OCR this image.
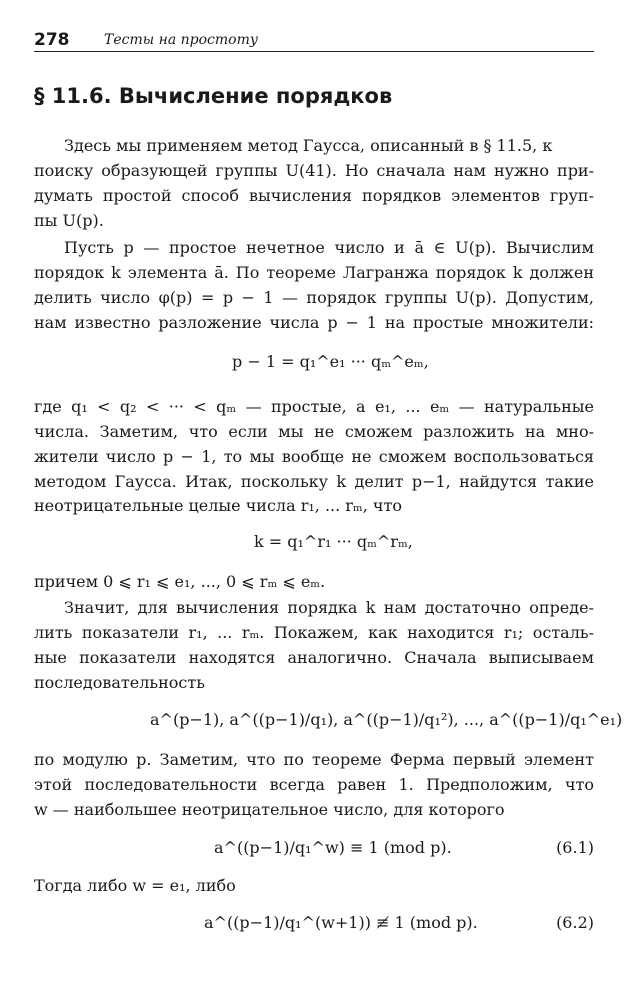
278 Тесты на простоту
§ 11.6. Вычисление порядков
Здесь мы применяем метод Гаусса, описанный в § 11.5, к
поиску образующей группы U(41). Но сначала нам нужно при-
думать простой способ вычисления порядков элементов груп-
пы U(p).
Пусть p — простое нечетное число и ā ∈ U(p). Вычислим
порядок k элемента ā. По теореме Лагранжа порядок k должен
делить число φ(p) = p − 1 — порядок группы U(p). Допустим,
нам известно разложение числа p − 1 на простые множители:
p − 1 = q₁^e₁ ··· qₘ^eₘ,
где q₁ < q₂ < ··· < qₘ — простые, а e₁, ... eₘ — натуральные
числа. Заметим, что если мы не сможем разложить на мно-
жители число p − 1, то мы вообще не сможем воспользоваться
методом Гаусса. Итак, поскольку k делит p−1, найдутся такие
неотрицательные целые числа r₁, ... rₘ, что
k = q₁^r₁ ··· qₘ^rₘ,
причем 0 ⩽ r₁ ⩽ e₁, ..., 0 ⩽ rₘ ⩽ eₘ.
Значит, для вычисления порядка k нам достаточно опреде-
лить показатели r₁, ... rₘ. Покажем, как находится r₁; осталь-
ные показатели находятся аналогично. Сначала выписываем
последовательность
a^(p−1), a^((p−1)/q₁), a^((p−1)/q₁²), ..., a^((p−1)/q₁^e₁)
по модулю p. Заметим, что по теореме Ферма первый элемент
этой последовательности всегда равен 1. Предположим, что
w — наибольшее неотрицательное число, для которого
a^((p−1)/q₁^w) ≡ 1 (mod p).	(6.1)
Тогда либо w = e₁, либо
a^((p−1)/q₁^(w+1)) ≢ 1 (mod p).	(6.2)
